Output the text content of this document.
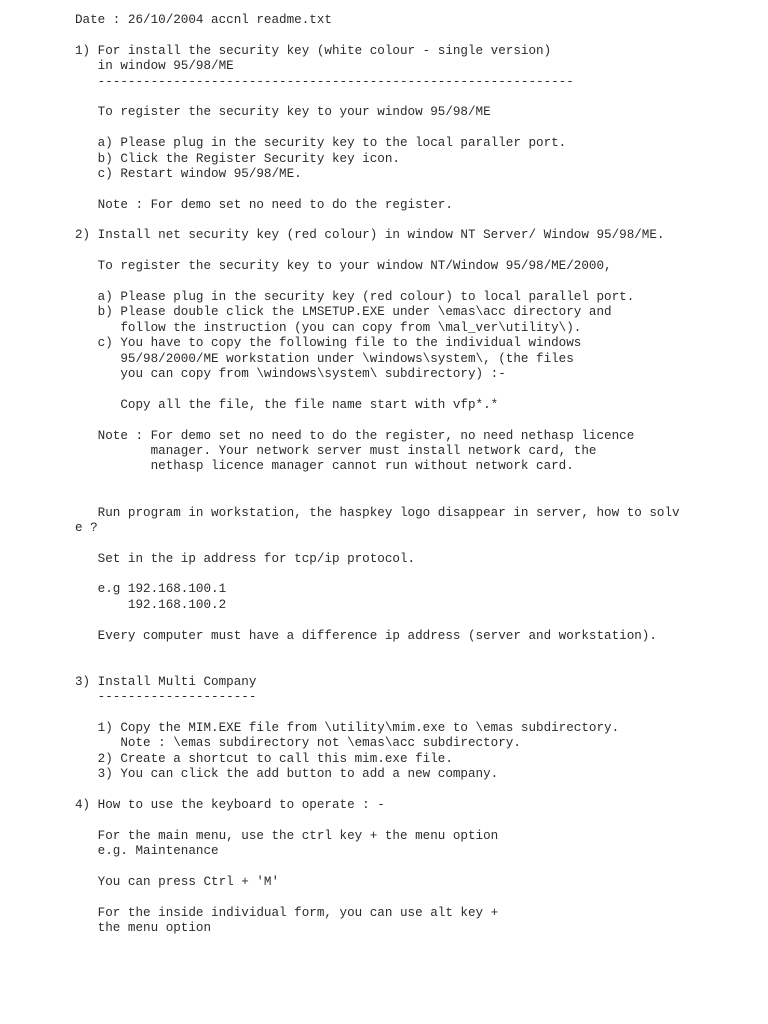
Date : 26/10/2004 accnl readme.txt
1) For install the security key (white colour - single version)
in window 95/98/ME
---------------------------------------------------------------
To register the security key to your window 95/98/ME
a) Please plug in the security key to the local paraller port.
b) Click the Register Security key icon.
c) Restart window 95/98/ME.
Note : For demo set no need to do the register.
2) Install net security key (red colour) in window NT Server/ Window 95/98/ME.
To register the security key to your window NT/Window 95/98/ME/2000,
a) Please plug in the security key (red colour) to local parallel port.
b) Please double click the LMSETUP.EXE under \emas\acc directory and
follow the instruction (you can copy from \mal_ver\utility\).
c) You have to copy the following file to the individual windows
95/98/2000/ME workstation under \windows\system\, (the files
you can copy from \windows\system\ subdirectory) :-
Copy all the file, the file name start with vfp*.*
Note : For demo set no need to do the register, no need nethasp licence
manager. Your network server must install network card, the
nethasp licence manager cannot run without network card.
Run program in workstation, the haspkey logo disappear in server, how to solv
e ?
Set in the ip address for tcp/ip protocol.
e.g 192.168.100.1
192.168.100.2
Every computer must have a difference ip address (server and workstation).
3) Install Multi Company
---------------------
1) Copy the MIM.EXE file from \utility\mim.exe to \emas subdirectory.
Note : \emas subdirectory not \emas\acc subdirectory.
2) Create a shortcut to call this mim.exe file.
3) You can click the add button to add a new company.
4) How to use the keyboard to operate : -
For the main menu, use the ctrl key + the menu option
e.g. Maintenance
You can press Ctrl + 'M'
For the inside individual form, you can use alt key +
the menu option
